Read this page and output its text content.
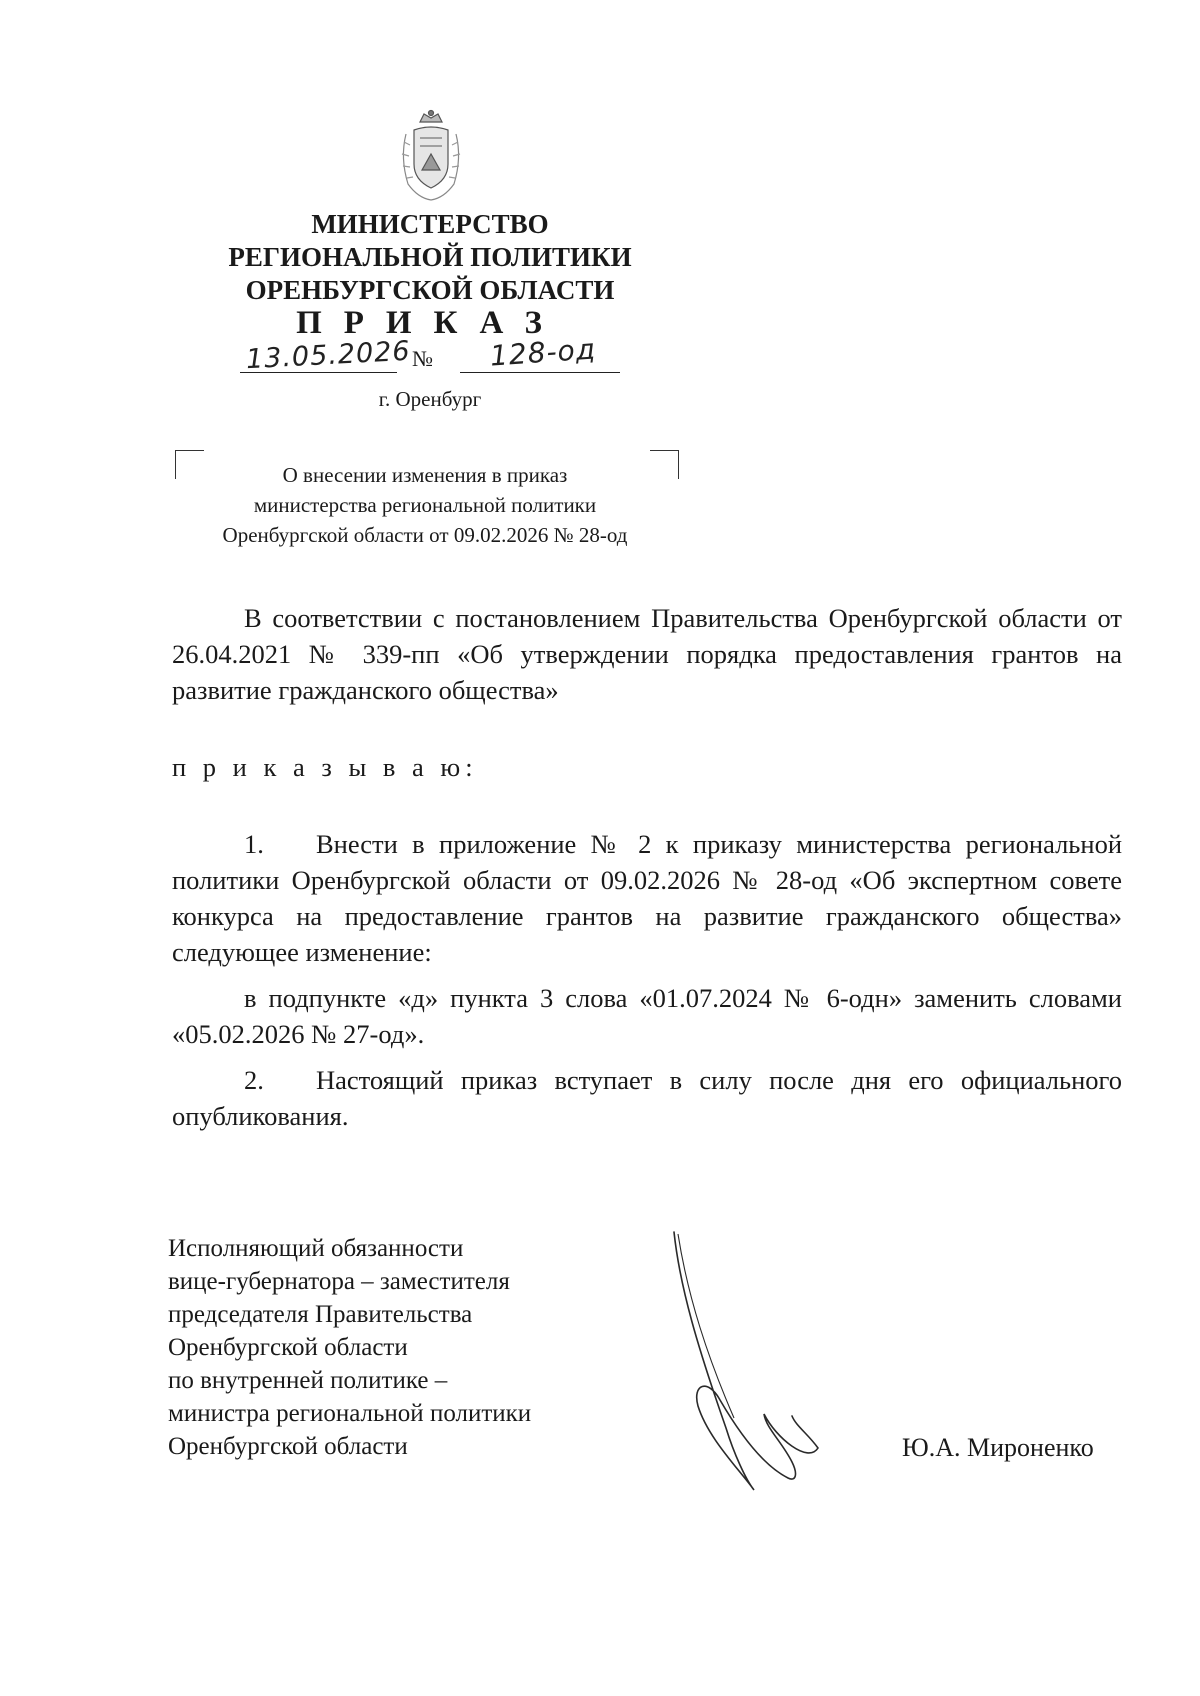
МИНИСТЕРСТВО
РЕГИОНАЛЬНОЙ ПОЛИТИКИ
ОРЕНБУРГСКОЙ ОБЛАСТИ
ПРИКАЗ
13.05.2026 № 128-од
г. Оренбург
О внесении изменения в приказ
министерства региональной политики
Оренбургской области от 09.02.2026 № 28-од
В соответствии с постановлением Правительства Оренбургской области от 26.04.2021 № 339-пп «Об утверждении порядка предоставления грантов на развитие гражданского общества»
п р и к а з ы в а ю:
1. Внести в приложение № 2 к приказу министерства региональной политики Оренбургской области от 09.02.2026 № 28-од «Об экспертном совете конкурса на предоставление грантов на развитие гражданского общества» следующее изменение:
в подпункте «д» пункта 3 слова «01.07.2024 № 6-одн» заменить словами «05.02.2026 № 27-од».
2. Настоящий приказ вступает в силу после дня его официального опубликования.
Исполняющий обязанности
вице-губернатора – заместителя
председателя Правительства
Оренбургской области
по внутренней политике –
министра региональной политики
Оренбургской области	Ю.А. Мироненко
